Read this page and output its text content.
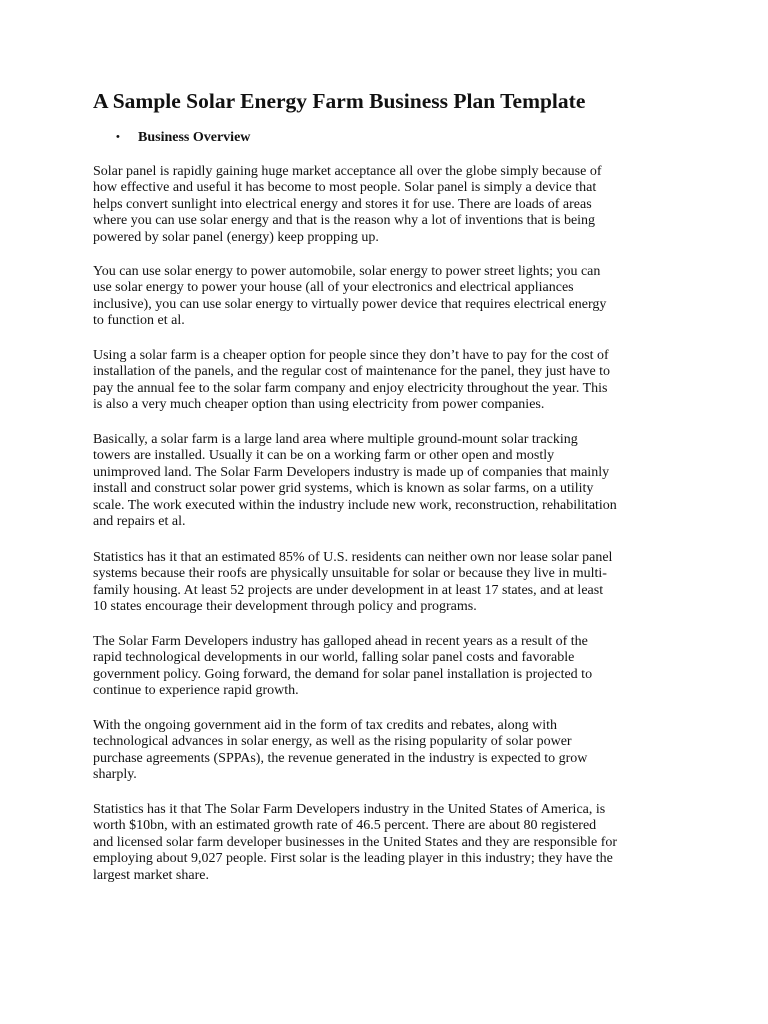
A Sample Solar Energy Farm Business Plan Template
• Business Overview

Solar panel is rapidly gaining huge market acceptance all over the globe simply because of
how effective and useful it has become to most people. Solar panel is simply a device that
helps convert sunlight into electrical energy and stores it for use. There are loads of areas
where you can use solar energy and that is the reason why a lot of inventions that is being
powered by solar panel (energy) keep propping up.

You can use solar energy to power automobile, solar energy to power street lights; you can
use solar energy to power your house (all of your electronics and electrical appliances
inclusive), you can use solar energy to virtually power device that requires electrical energy
to function et al.

Using a solar farm is a cheaper option for people since they don’t have to pay for the cost of
installation of the panels, and the regular cost of maintenance for the panel, they just have to
pay the annual fee to the solar farm company and enjoy electricity throughout the year. This
is also a very much cheaper option than using electricity from power companies.

Basically, a solar farm is a large land area where multiple ground-mount solar tracking
towers are installed. Usually it can be on a working farm or other open and mostly
unimproved land. The Solar Farm Developers industry is made up of companies that mainly
install and construct solar power grid systems, which is known as solar farms, on a utility
scale. The work executed within the industry include new work, reconstruction, rehabilitation
and repairs et al.

Statistics has it that an estimated 85% of U.S. residents can neither own nor lease solar panel
systems because their roofs are physically unsuitable for solar or because they live in multi-
family housing. At least 52 projects are under development in at least 17 states, and at least
10 states encourage their development through policy and programs.

The Solar Farm Developers industry has galloped ahead in recent years as a result of the
rapid technological developments in our world, falling solar panel costs and favorable
government policy. Going forward, the demand for solar panel installation is projected to
continue to experience rapid growth.

With the ongoing government aid in the form of tax credits and rebates, along with
technological advances in solar energy, as well as the rising popularity of solar power
purchase agreements (SPPAs), the revenue generated in the industry is expected to grow
sharply.

Statistics has it that The Solar Farm Developers industry in the United States of America, is
worth $10bn, with an estimated growth rate of 46.5 percent. There are about 80 registered
and licensed solar farm developer businesses in the United States and they are responsible for
employing about 9,027 people. First solar is the leading player in this industry; they have the
largest market share.
